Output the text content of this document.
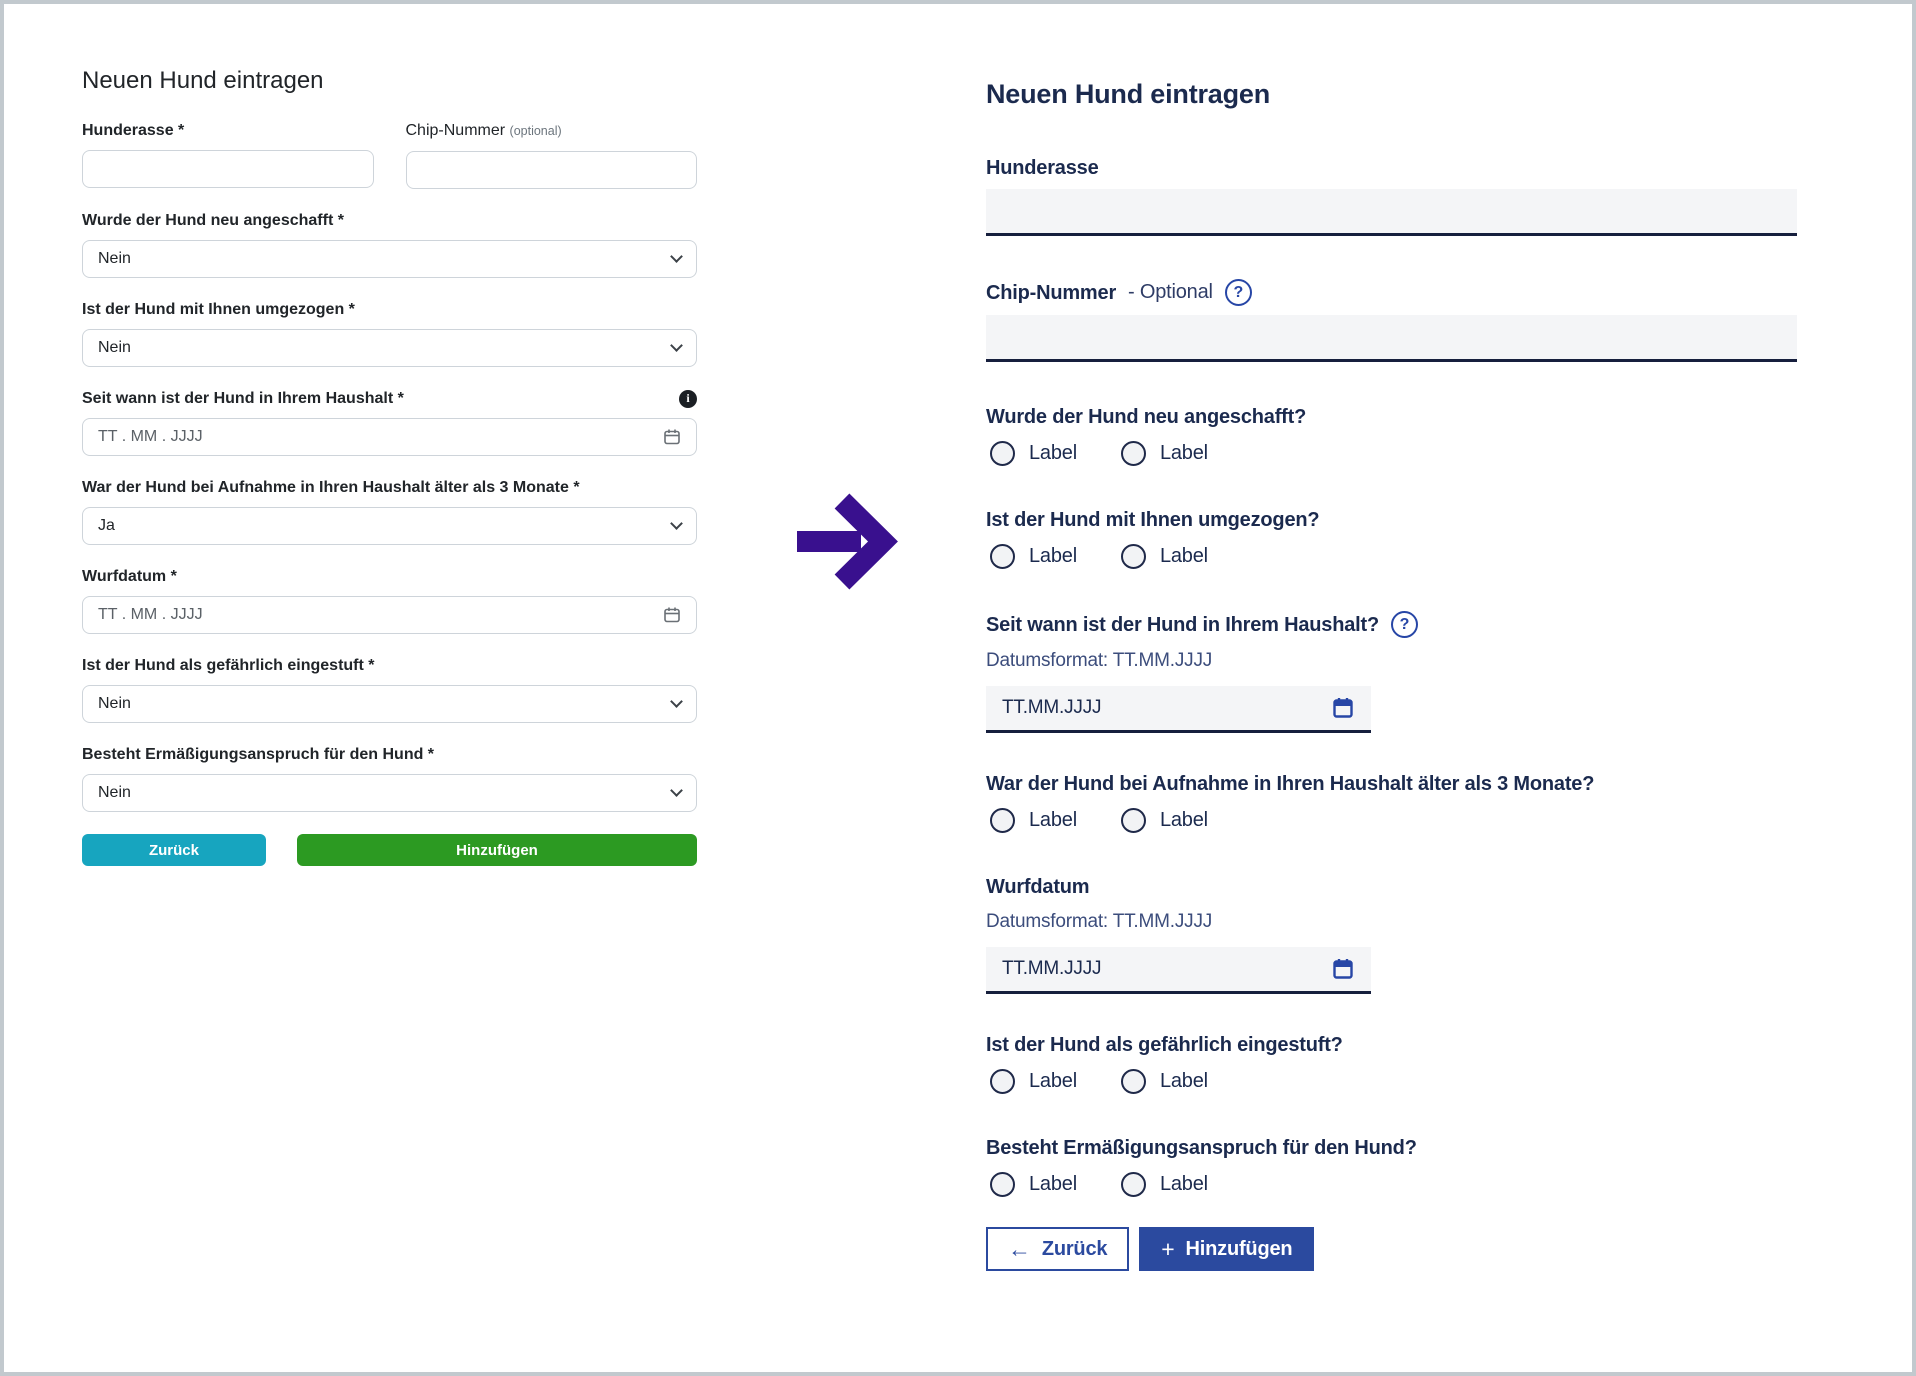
Neuen Hund eintragen
Hunderasse *	Chip-Nummer (optional)
Wurde der Hund neu angeschafft *
Nein
Ist der Hund mit Ihnen umgezogen *
Nein
Seit wann ist der Hund in Ihrem Haushalt *	i
TT . MM . JJJJ
War der Hund bei Aufnahme in Ihren Haushalt älter als 3 Monate *
Ja
Wurfdatum *
TT . MM . JJJJ
Ist der Hund als gefährlich eingestuft *
Nein
Besteht Ermäßigungsanspruch für den Hund *
Nein
Zurück	Hinzufügen
Neuen Hund eintragen
Hunderasse
Chip-Nummer - Optional	?
Wurde der Hund neu angeschafft?
Label	Label
Ist der Hund mit Ihnen umgezogen?
Label	Label
Seit wann ist der Hund in Ihrem Haushalt?	?
Datumsformat: TT.MM.JJJJ
TT.MM.JJJJ
War der Hund bei Aufnahme in Ihren Haushalt älter als 3 Monate?
Label	Label
Wurfdatum
Datumsformat: TT.MM.JJJJ
TT.MM.JJJJ
Ist der Hund als gefährlich eingestuft?
Label	Label
Besteht Ermäßigungsanspruch für den Hund?
Label	Label
← Zurück + Hinzufügen
